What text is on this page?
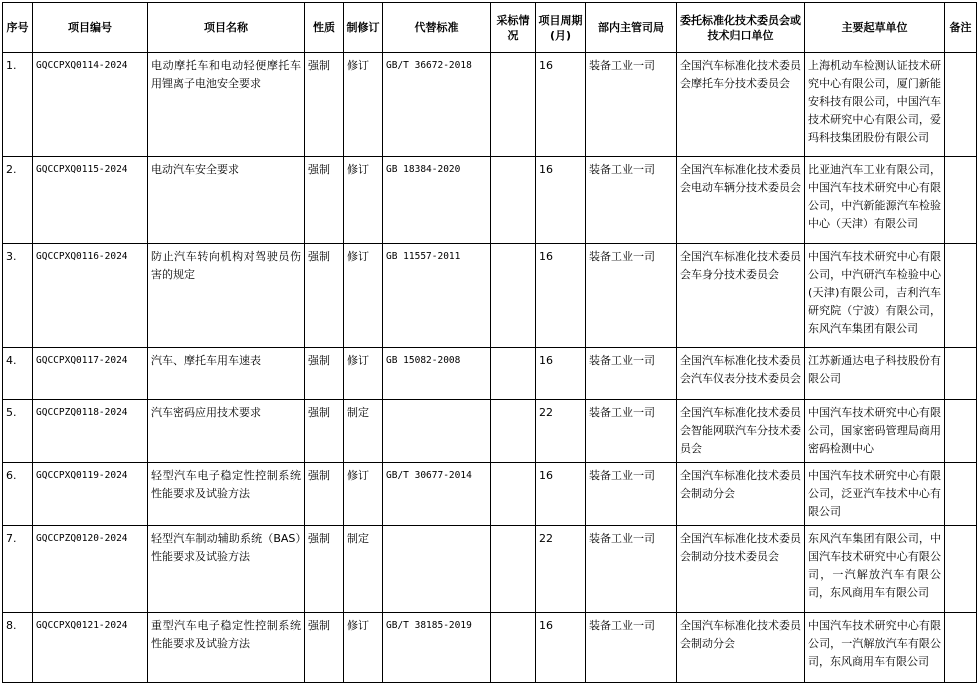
序号	项目编号	项目名称	性质	制修订	代替标准	采标情况	项目周期(月)	部内主管司局	委托标准化技术委员会或技术归口单位	主要起草单位	备注
1.	GQCCPXQ0114-2024	电动摩托车和电动轻便摩托车用锂离子电池安全要求	强制	修订	GB/T 36672-2018		16	装备工业一司	全国汽车标准化技术委员会摩托车分技术委员会	上海机动车检测认证技术研究中心有限公司，厦门新能安科技有限公司，中国汽车技术研究中心有限公司，爱玛科技集团股份有限公司	
2.	GQCCPXQ0115-2024	电动汽车安全要求	强制	修订	GB 18384-2020		16	装备工业一司	全国汽车标准化技术委员会电动车辆分技术委员会	比亚迪汽车工业有限公司，中国汽车技术研究中心有限公司，中汽新能源汽车检验中心（天津）有限公司	
3.	GQCCPXQ0116-2024	防止汽车转向机构对驾驶员伤害的规定	强制	修订	GB 11557-2011		16	装备工业一司	全国汽车标准化技术委员会车身分技术委员会	中国汽车技术研究中心有限公司，中汽研汽车检验中心(天津)有限公司，吉利汽车研究院（宁波）有限公司，东风汽车集团有限公司	
4.	GQCCPXQ0117-2024	汽车、摩托车用车速表	强制	修订	GB 15082-2008		16	装备工业一司	全国汽车标准化技术委员会汽车仪表分技术委员会	江苏新通达电子科技股份有限公司	
5.	GQCCPZQ0118-2024	汽车密码应用技术要求	强制	制定			22	装备工业一司	全国汽车标准化技术委员会智能网联汽车分技术委员会	中国汽车技术研究中心有限公司，国家密码管理局商用密码检测中心	
6.	GQCCPXQ0119-2024	轻型汽车电子稳定性控制系统性能要求及试验方法	强制	修订	GB/T 30677-2014		16	装备工业一司	全国汽车标准化技术委员会制动分会	中国汽车技术研究中心有限公司，泛亚汽车技术中心有限公司	
7.	GQCCPZQ0120-2024	轻型汽车制动辅助系统（BAS）性能要求及试验方法	强制	制定			22	装备工业一司	全国汽车标准化技术委员会制动分技术委员会	东风汽车集团有限公司，中国汽车技术研究中心有限公司，一汽解放汽车有限公司，东风商用车有限公司	
8.	GQCCPXQ0121-2024	重型汽车电子稳定性控制系统性能要求及试验方法	强制	修订	GB/T 38185-2019		16	装备工业一司	全国汽车标准化技术委员会制动分会	中国汽车技术研究中心有限公司，一汽解放汽车有限公司，东风商用车有限公司	
